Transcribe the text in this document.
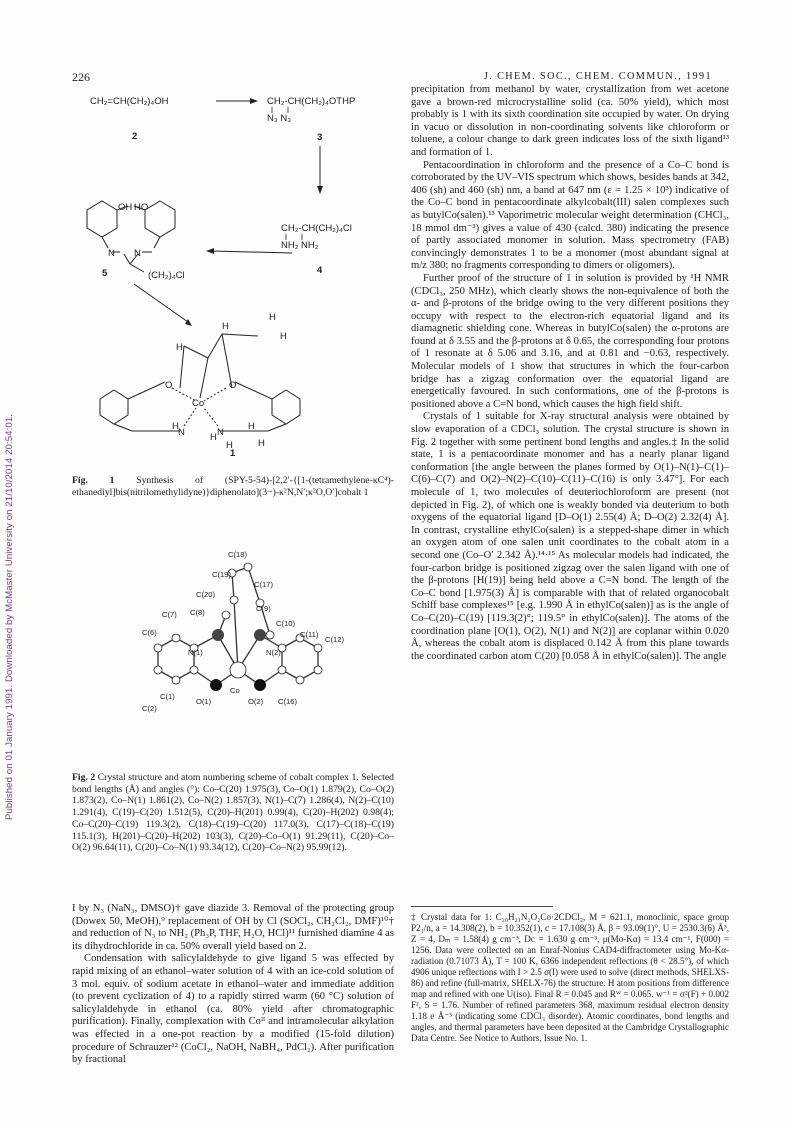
226	J. CHEM. SOC., CHEM. COMMUN., 1991
Published on 01 January 1991. Downloaded by McMaster University on 21/10/2014 20:54:01.
CH₂=CH(CH₂)₄OH
2
CH₂-CH(CH₂)₄OTHP
N₃ N₃
3
CH₂-CH(CH₂)₄Cl
NH₂ NH₂
4
OH HO
N N
(CH₂)₄Cl
5
O	O
Co
N	N
H
H
H
H
H	H
H
H
H
1

Fig. 1 Synthesis of (SPY-5-54)-[2,2′-{[1-(tetramethylene-κC⁴)-ethanediyl]bis(nitrilomethylidyne)}diphenolato](3−)-κ²N,N′;κ²O,O′]cobalt 1

C(18)
C(19)
C(17)
C(20)
C(9)
C(7) C(8)
C(10)
C(6)	C(11)
C(12)
N(1)	N(2)
Co
C(1)
O(1)	O(2) C(16)
C(2)

Fig. 2 Crystal structure and atom numbering scheme of cobalt complex 1. Selected bond lengths (Å) and angles (°): Co–C(20) 1.975(3), Co–O(1) 1.879(2), Co–O(2) 1.873(2), Co–N(1) 1.861(2), Co–N(2) 1.857(3), N(1)–C(7) 1.286(4), N(2)–C(10) 1.291(4), C(19)–C(20) 1.512(5), C(20)–H(201) 0.99(4), C(20)–H(202) 0.98(4); Co–C(20)–C(19) 119.3(2), C(18)–C(19)–C(20) 117.0(3), C(17)–C(18)–C(19) 115.1(3), H(201)–C(20)–H(202) 103(3), C(20)–Co–O(1) 91.29(11), C(20)–Co–O(2) 96.64(11), C(20)–Co–N(1) 93.34(12), C(20)–Co–N(2) 95.99(12).

I by N₃ (NaN₃, DMSO)† gave diazide 3. Removal of the protecting group (Dowex 50, MeOH),⁹ replacement of OH by Cl (SOCl₂, CH₂Cl₂, DMF)¹⁰† and reduction of N₃ to NH₂ (Ph₃P, THF, H₂O, HCl)¹¹ furnished diamine 4 as its dihydrochloride in ca. 50% overall yield based on 2.

Condensation with salicylaldehyde to give ligand 5 was effected by rapid mixing of an ethanol–water solution of 4 with an ice-cold solution of 3 mol. equiv. of sodium acetate in ethanol–water and immediate addition (to prevent cyclization of 4) to a rapidly stirred warm (60 °C) solution of salicylaldehyde in ethanol (ca. 80% yield after chromatographic purification). Finally, complexation with Coᴵᴵ and intramolecular alkylation was effected in a one-pot reaction by a modified (15-fold dilution) procedure of Schrauzer¹² (CoCl₂, NaOH, NaBH₄, PdCl₂). After purification by fractional

precipitation from methanol by water, crystallization from wet acetone gave a brown-red microcrystalline solid (ca. 50% yield), which most probably is 1 with its sixth coordination site occupied by water. On drying in vacuo or dissolution in non-coordinating solvents like chloroform or toluene, a colour change to dark green indicates loss of the sixth ligand¹³ and formation of 1.

Pentacoordination in chloroform and the presence of a Co–C bond is corroborated by the UV–VIS spectrum which shows, besides bands at 342, 406 (sh) and 460 (sh) nm, a band at 647 nm (ε = 1.25 × 10³) indicative of the Co–C bond in pentacoordinate alkylcobalt(III) salen complexes such as butylCo(salen).¹³ Vaporimetric molecular weight determination (CHCl₃, 18 mmol dm⁻³) gives a value of 430 (calcd. 380) indicating the presence of partly associated monomer in solution. Mass spectrometry (FAB) convincingly demonstrates 1 to be a monomer (most abundant signal at m/z 380; no fragments corresponding to dimers or oligomers).

Further proof of the structure of 1 in solution is provided by ¹H NMR (CDCl₃, 250 MHz), which clearly shows the non-equivalence of both the α- and β-protons of the bridge owing to the very different positions they occupy with respect to the electron-rich equatorial ligand and its diamagnetic shielding cone. Whereas in butylCo(salen) the α-protons are found at δ 3.55 and the β-protons at δ 0.65, the corresponding four protons of 1 resonate at δ 5.06 and 3.16, and at 0.81 and −0.63, respectively. Molecular models of 1 show that structures in which the four-carbon bridge has a zigzag conformation over the equatorial ligand are energetically favoured. In such conformations, one of the β-protons is positioned above a C=N bond, which causes the high field shift.

Crystals of 1 suitable for X-ray structural analysis were obtained by slow evaporation of a CDCl₃ solution. The crystal structure is shown in Fig. 2 together with some pertinent bond lengths and angles.‡ In the solid state, 1 is a pentacoordinate monomer and has a nearly planar ligand conformation [the angle between the planes formed by O(1)–N(1)–C(1)–C(6)–C(7) and O(2)–N(2)–C(10)–C(11)–C(16) is only 3.47°]. For each molecule of 1, two molecules of deuteriochloroform are present (not depicted in Fig. 2), of which one is weakly bonded via deuterium to both oxygens of the equatorial ligand [D–O(1) 2.55(4) Å; D–O(2) 2.32(4) Å]. In contrast, crystalline ethylCo(salen) is a stepped-shape dimer in which an oxygen atom of one salen unit coordinates to the cobalt atom in a second one (Co–O′ 2.342 Å).¹⁴·¹⁵ As molecular models had indicated, the four-carbon bridge is positioned zigzag over the salen ligand with one of the β-protons [H(19)] being held above a C=N bond. The length of the Co–C bond [1.975(3) Å] is comparable with that of related organocobalt Schiff base complexes¹⁵ [e.g. 1.990 Å in ethylCo(salen)] as is the angle of Co–C(20)–C(19) [119.3(2)°; 119.5° in ethylCo(salen)]. The atoms of the coordination plane [O(1), O(2), N(1) and N(2)] are coplanar within 0.020 Å, whereas the cobalt atom is displaced 0.142 Å from this plane towards the coordinated carbon atom C(20) [0.058 Å in ethylCo(salen)]. The angle

‡ Crystal data for 1: C₂₀H₂₁N₂O₂Co·2CDCl₃, M = 621.1, monoclinic, space group P2₁/n, a = 14.308(2), b = 10.352(1), c = 17.108(3) Å, β = 93.09(1)°, U = 2530.3(6) Å³, Z = 4, Dₘ = 1.58(4) g cm⁻³, Dᴄ = 1.630 g cm⁻³, μ(Mo-Kα) = 13.4 cm⁻¹, F(000) = 1256. Data were collected on an Enraf-Nonius CAD4-diffractometer using Mo-Kα-radiation (0.71073 Å), T = 100 K, 6366 independent reflections (θ < 28.5°), of which 4906 unique reflections with I > 2.5 σ(I) were used to solve (direct methods, SHELXS-86) and refine (full-matrix, SHELX-76) the structure. H atom positions from difference map and refined with one U(iso). Final R = 0.045 and Rᵂ = 0.065. w⁻¹ = σ²(F) + 0.002 F², S = 1.76. Number of refined parameters 368, maximum residual electron density 1.18 e Å⁻³ (indicating some CDCl₃ disorder). Atomic coordinates, bond lengths and angles, and thermal parameters have been deposited at the Cambridge Crystallographic Data Centre. See Notice to Authors, Issue No. 1.
